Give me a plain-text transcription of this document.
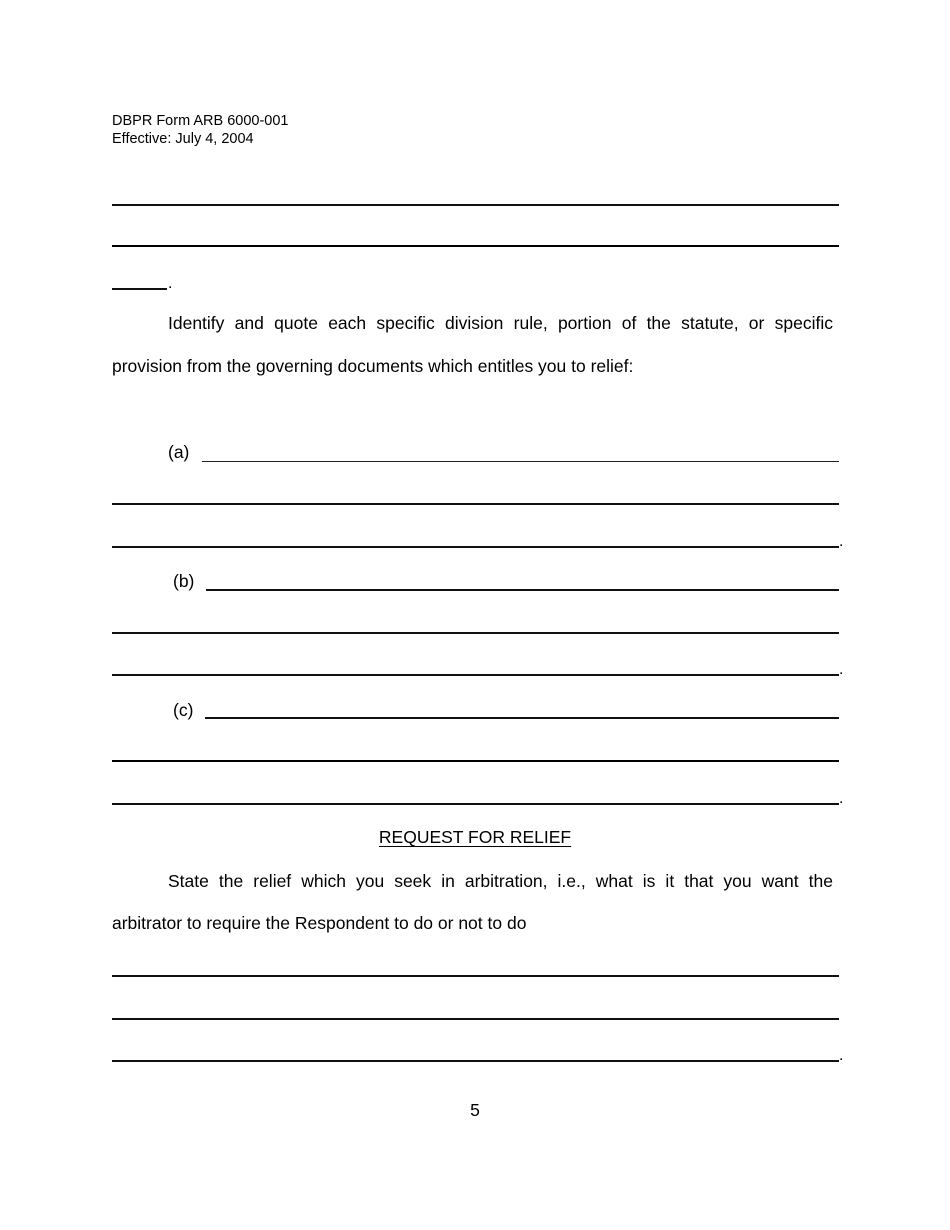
DBPR Form ARB 6000-001
Effective: July 4, 2004
.
Identify and quote each specific division rule, portion of the statute, or specific
provision from the governing documents which entitles you to relief:
(a)
.
(b)
.
(c)
.
REQUEST FOR RELIEF
State the relief which you seek in arbitration, i.e., what is it that you want the
arbitrator to require the Respondent to do or not to do
.
5
